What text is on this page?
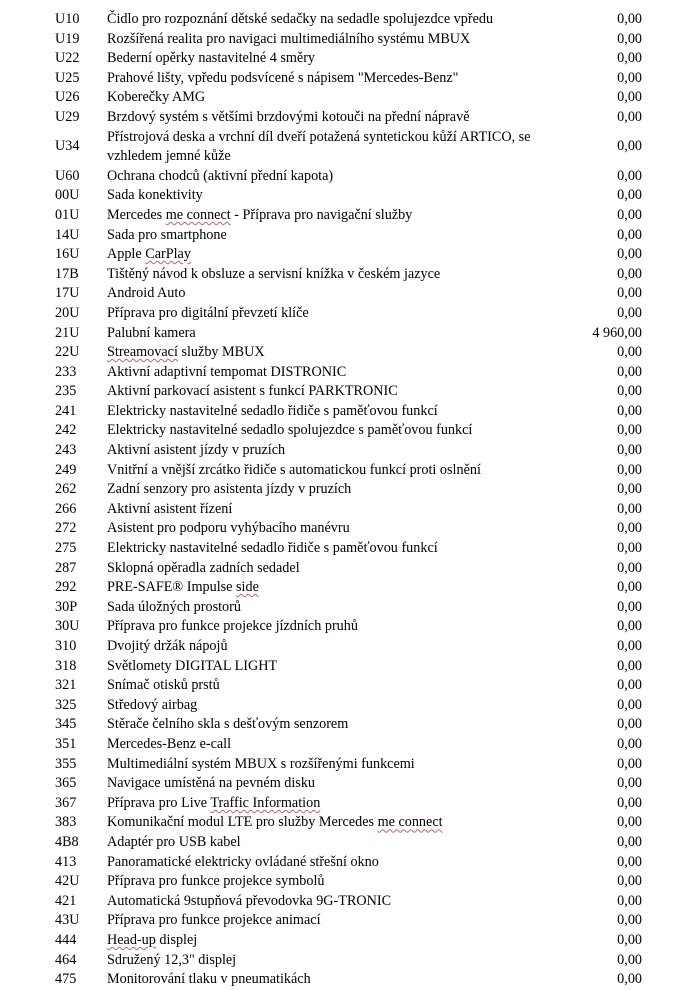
U10	Čidlo pro rozpoznání dětské sedačky na sedadle spolujezdce vpředu	0,00
U19	Rozšířená realita pro navigaci multimediálního systému MBUX	0,00
U22	Bederní opěrky nastavitelné 4 směry	0,00
U25	Prahové lišty, vpředu podsvícené s nápisem "Mercedes-Benz"	0,00
U26	Koberečky AMG	0,00
U29	Brzdový systém s většími brzdovými kotouči na přední nápravě	0,00
U34	Přístrojová deska a vrchní díl dveří potažená syntetickou kůží ARTICO, se vzhledem jemné kůže	0,00
U60	Ochrana chodců (aktivní přední kapota)	0,00
00U	Sada konektivity	0,00
01U	Mercedes me connect - Příprava pro navigační služby	0,00
14U	Sada pro smartphone	0,00
16U	Apple CarPlay	0,00
17B	Tištěný návod k obsluze a servisní knížka v českém jazyce	0,00
17U	Android Auto	0,00
20U	Příprava pro digitální převzetí klíče	0,00
21U	Palubní kamera	4 960,00
22U	Streamovací služby MBUX	0,00
233	Aktivní adaptivní tempomat DISTRONIC	0,00
235	Aktivní parkovací asistent s funkcí PARKTRONIC	0,00
241	Elektricky nastavitelné sedadlo řidiče s paměťovou funkcí	0,00
242	Elektricky nastavitelné sedadlo spolujezdce s paměťovou funkcí	0,00
243	Aktivní asistent jízdy v pruzích	0,00
249	Vnitřní a vnější zrcátko řidiče s automatickou funkcí proti oslnění	0,00
262	Zadní senzory pro asistenta jízdy v pruzích	0,00
266	Aktivní asistent řízení	0,00
272	Asistent pro podporu vyhýbacího manévru	0,00
275	Elektricky nastavitelné sedadlo řidiče s paměťovou funkcí	0,00
287	Sklopná opěradla zadních sedadel	0,00
292	PRE-SAFE® Impulse side	0,00
30P	Sada úložných prostorů	0,00
30U	Příprava pro funkce projekce jízdních pruhů	0,00
310	Dvojitý držák nápojů	0,00
318	Světlomety DIGITAL LIGHT	0,00
321	Snímač otisků prstů	0,00
325	Středový airbag	0,00
345	Stěrače čelního skla s dešťovým senzorem	0,00
351	Mercedes-Benz e-call	0,00
355	Multimediální systém MBUX s rozšířenými funkcemi	0,00
365	Navigace umístěná na pevném disku	0,00
367	Příprava pro Live Traffic Information	0,00
383	Komunikační modul LTE pro služby Mercedes me connect	0,00
4B8	Adaptér pro USB kabel	0,00
413	Panoramatické elektricky ovládané střešní okno	0,00
42U	Příprava pro funkce projekce symbolů	0,00
421	Automatická 9stupňová převodovka 9G-TRONIC	0,00
43U	Příprava pro funkce projekce animací	0,00
444	Head-up displej	0,00
464	Sdružený 12,3" displej	0,00
475	Monitorování tlaku v pneumatikách	0,00
